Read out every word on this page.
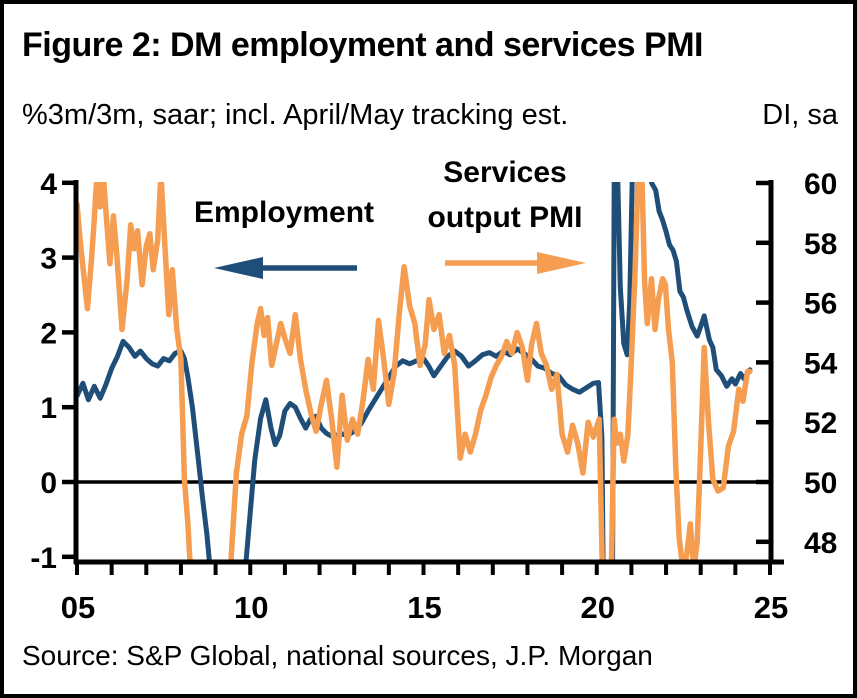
4
3
2
1
0
-1
60
58
56
54
52
50
48
05	10	15	20	25
Figure 2: DM employment and services PMI
%3m/3m, saar; incl. April/May tracking est.	DI, sa
Employment
Services
output PMI
Source: S&P Global, national sources, J.P. Morgan
